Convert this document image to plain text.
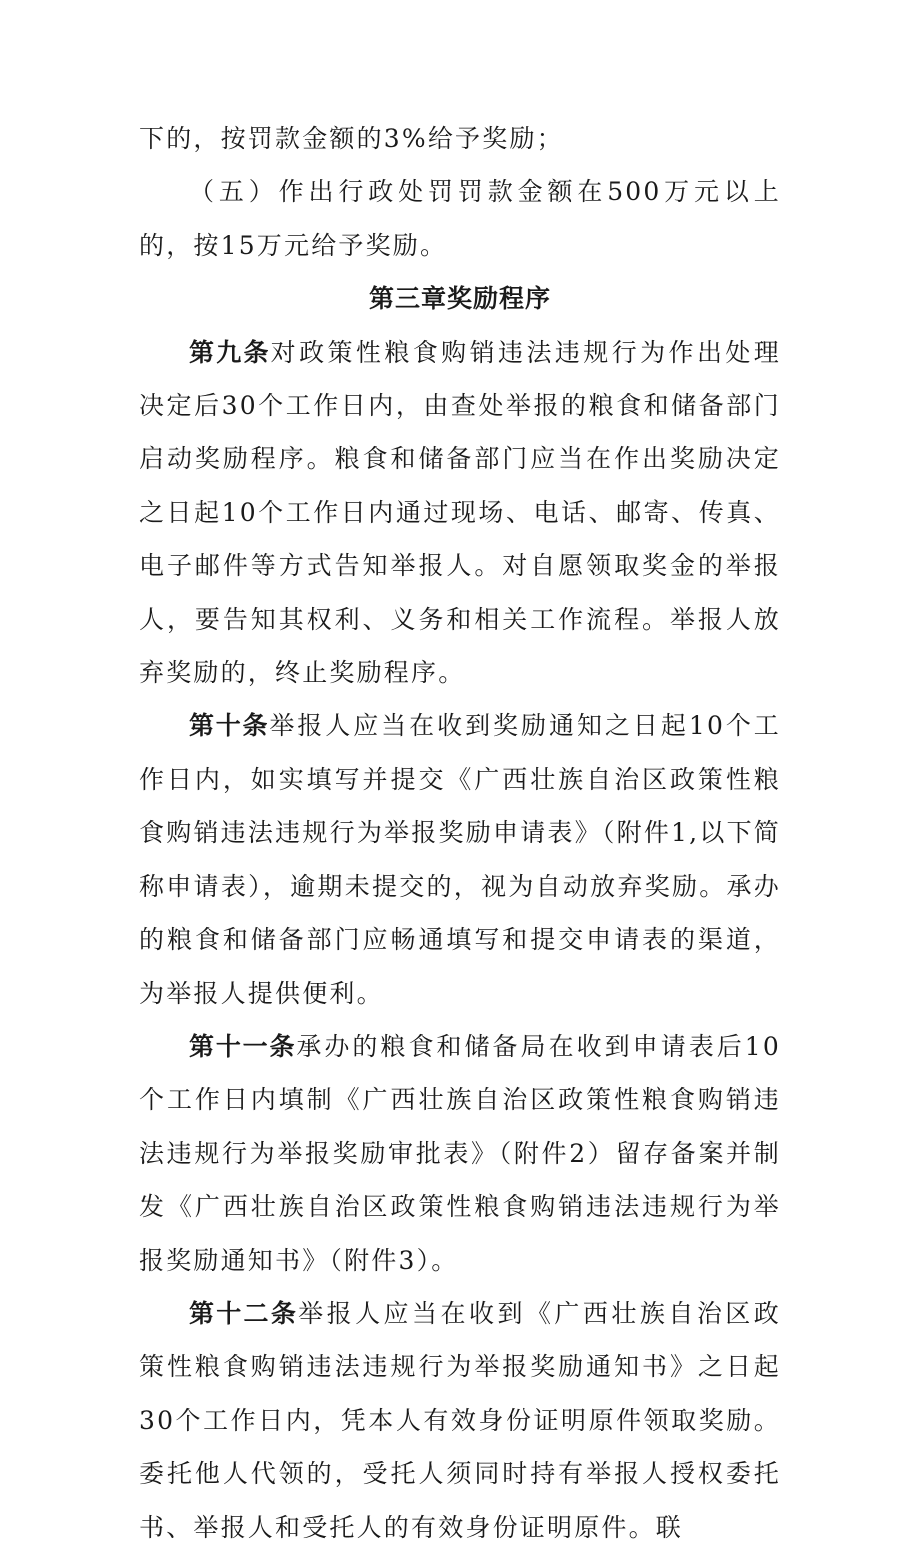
下的，按罚款金额的3%给予奖励；

（五）作出行政处罚罚款金额在500万元以上的，按15万元给予奖励。

第三章奖励程序

第九条对政策性粮食购销违法违规行为作出处理决定后30个工作日内，由查处举报的粮食和储备部门启动奖励程序。粮食和储备部门应当在作出奖励决定之日起10个工作日内通过现场、电话、邮寄、传真、电子邮件等方式告知举报人。对自愿领取奖金的举报人，要告知其权利、义务和相关工作流程。举报人放弃奖励的，终止奖励程序。

第十条举报人应当在收到奖励通知之日起10个工作日内，如实填写并提交《广西壮族自治区政策性粮食购销违法违规行为举报奖励申请表》（附件1,以下简称申请表），逾期未提交的，视为自动放弃奖励。承办的粮食和储备部门应畅通填写和提交申请表的渠道，为举报人提供便利。

第十一条承办的粮食和储备局在收到申请表后10个工作日内填制《广西壮族自治区政策性粮食购销违法违规行为举报奖励审批表》（附件2）留存备案并制发《广西壮族自治区政策性粮食购销违法违规行为举报奖励通知书》（附件3）。

第十二条举报人应当在收到《广西壮族自治区政策性粮食购销违法违规行为举报奖励通知书》之日起30个工作日内，凭本人有效身份证明原件领取奖励。委托他人代领的，受托人须同时持有举报人授权委托书、举报人和受托人的有效身份证明原件。联
